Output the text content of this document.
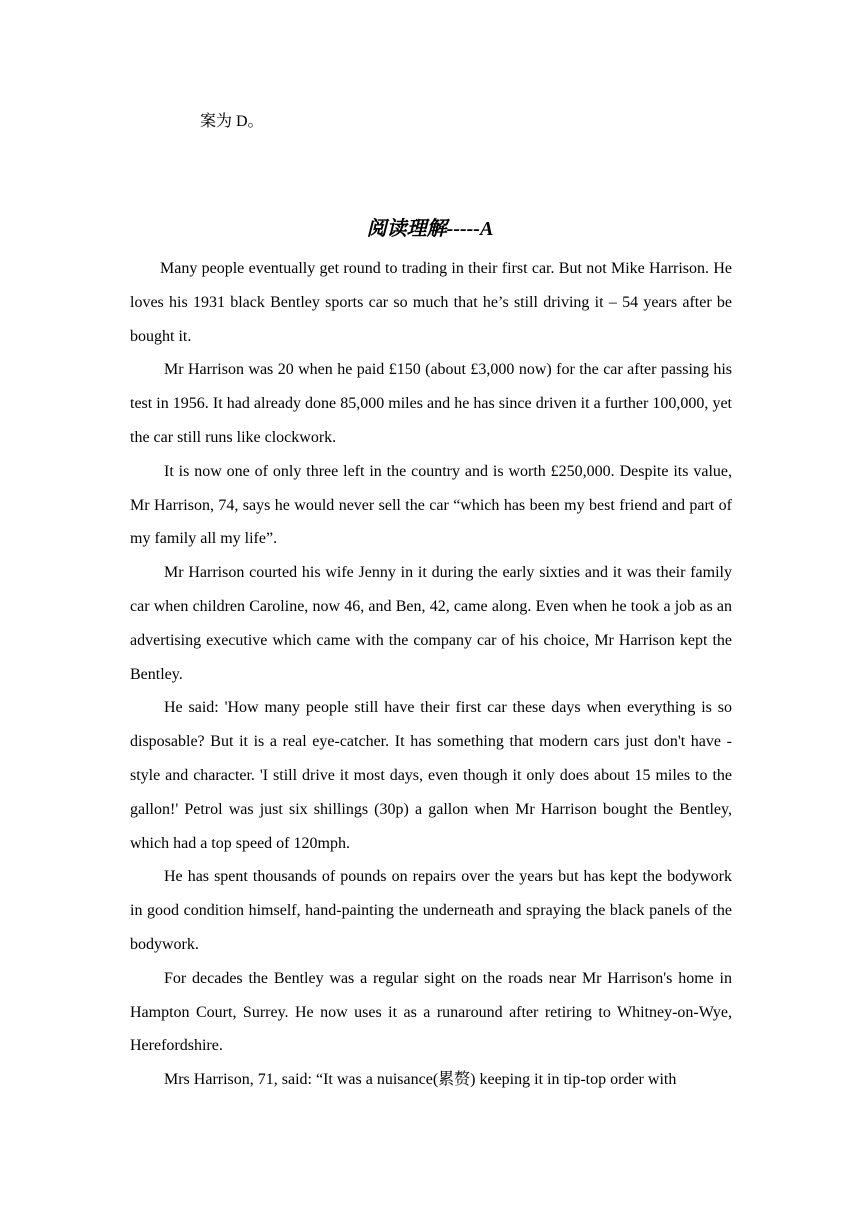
案为 D。

阅读理解-----A

Many people eventually get round to trading in their first car. But not Mike Harrison. He loves his 1931 black Bentley sports car so much that he’s still driving it – 54 years after be bought it.

Mr Harrison was 20 when he paid £150 (about £3,000 now) for the car after passing his test in 1956. It had already done 85,000 miles and he has since driven it a further 100,000, yet the car still runs like clockwork.

It is now one of only three left in the country and is worth £250,000. Despite its value, Mr Harrison, 74, says he would never sell the car “which has been my best friend and part of my family all my life”.

Mr Harrison courted his wife Jenny in it during the early sixties and it was their family car when children Caroline, now 46, and Ben, 42, came along. Even when he took a job as an advertising executive which came with the company car of his choice, Mr Harrison kept the Bentley.

He said: 'How many people still have their first car these days when everything is so disposable? But it is a real eye-catcher. It has something that modern cars just don't have - style and character. 'I still drive it most days, even though it only does about 15 miles to the gallon!' Petrol was just six shillings (30p) a gallon when Mr Harrison bought the Bentley, which had a top speed of 120mph.

He has spent thousands of pounds on repairs over the years but has kept the bodywork in good condition himself, hand-painting the underneath and spraying the black panels of the bodywork.

For decades the Bentley was a regular sight on the roads near Mr Harrison's home in Hampton Court, Surrey. He now uses it as a runaround after retiring to Whitney-on-Wye, Herefordshire.

Mrs Harrison, 71, said: “It was a nuisance(累赘) keeping it in tip-top order with
